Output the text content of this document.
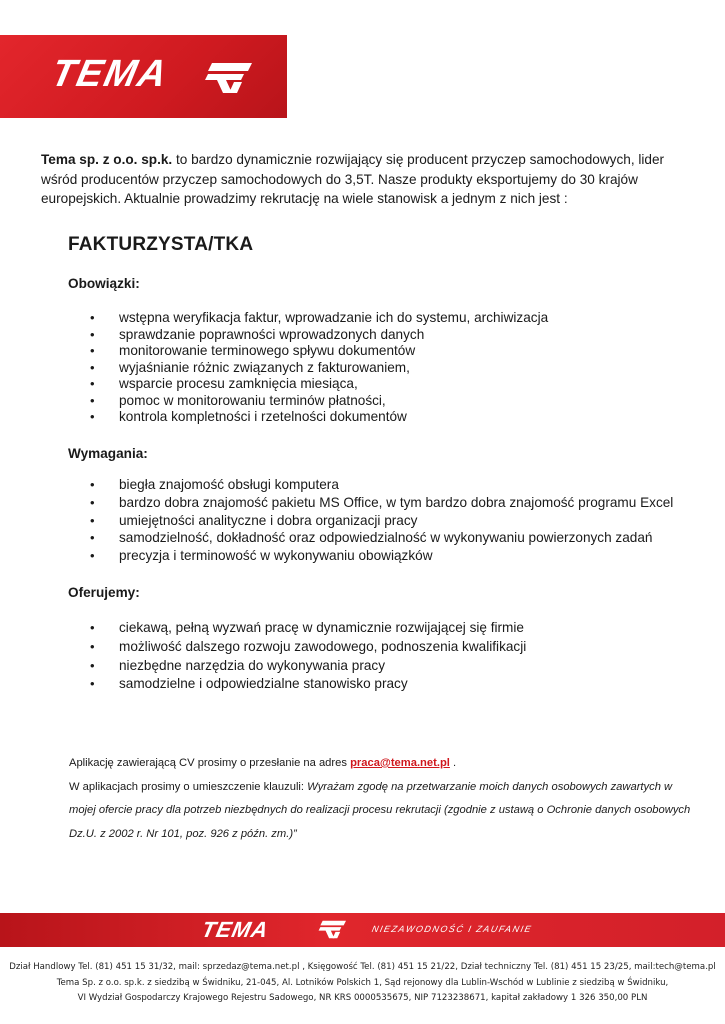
TEMA
Tema sp. z o.o. sp.k. to bardzo dynamicznie rozwijający się producent przyczep samochodowych, lider wśród producentów przyczep samochodowych do 3,5T. Nasze produkty eksportujemy do 30 krajów europejskich. Aktualnie prowadzimy rekrutację na wiele stanowisk a jednym z nich jest :
FAKTURZYSTA/TKA
Obowiązki:
• wstępna weryfikacja faktur, wprowadzanie ich do systemu, archiwizacja
• sprawdzanie poprawności wprowadzonych danych
• monitorowanie terminowego spływu dokumentów
• wyjaśnianie różnic związanych z fakturowaniem,
• wsparcie procesu zamknięcia miesiąca,
• pomoc w monitorowaniu terminów płatności,
• kontrola kompletności i rzetelności dokumentów
Wymagania:
• biegła znajomość obsługi komputera
• bardzo dobra znajomość pakietu MS Office, w tym bardzo dobra znajomość programu Excel
• umiejętności analityczne i dobra organizacji pracy
• samodzielność, dokładność oraz odpowiedzialność w wykonywaniu powierzonych zadań
• precyzja i terminowość w wykonywaniu obowiązków
Oferujemy:
• ciekawą, pełną wyzwań pracę w dynamicznie rozwijającej się firmie
• możliwość dalszego rozwoju zawodowego, podnoszenia kwalifikacji
• niezbędne narzędzia do wykonywania pracy
• samodzielne i odpowiedzialne stanowisko pracy
Aplikację zawierającą CV prosimy o przesłanie na adres praca@tema.net.pl .
W aplikacjach prosimy o umieszczenie klauzuli: Wyrażam zgodę na przetwarzanie moich danych osobowych zawartych w mojej ofercie pracy dla potrzeb niezbędnych do realizacji procesu rekrutacji (zgodnie z ustawą o Ochronie danych osobowych Dz.U. z 2002 r. Nr 101, poz. 926 z późn. zm.)”
TEMA	NIEZAWODNOŚĆ I ZAUFANIE
Dział Handlowy Tel. (81) 451 15 31/32, mail: sprzedaz@tema.net.pl , Księgowość Tel. (81) 451 15 21/22, Dział techniczny Tel. (81) 451 15 23/25, mail:tech@tema.pl
Tema Sp. z o.o. sp.k. z siedzibą w Świdniku, 21-045, Al. Lotników Polskich 1, Sąd rejonowy dla Lublin-Wschód w Lublinie z siedzibą w Świdniku,
VI Wydział Gospodarczy Krajowego Rejestru Sadowego, NR KRS 0000535675, NIP 7123238671, kapitał zakładowy 1 326 350,00 PLN
